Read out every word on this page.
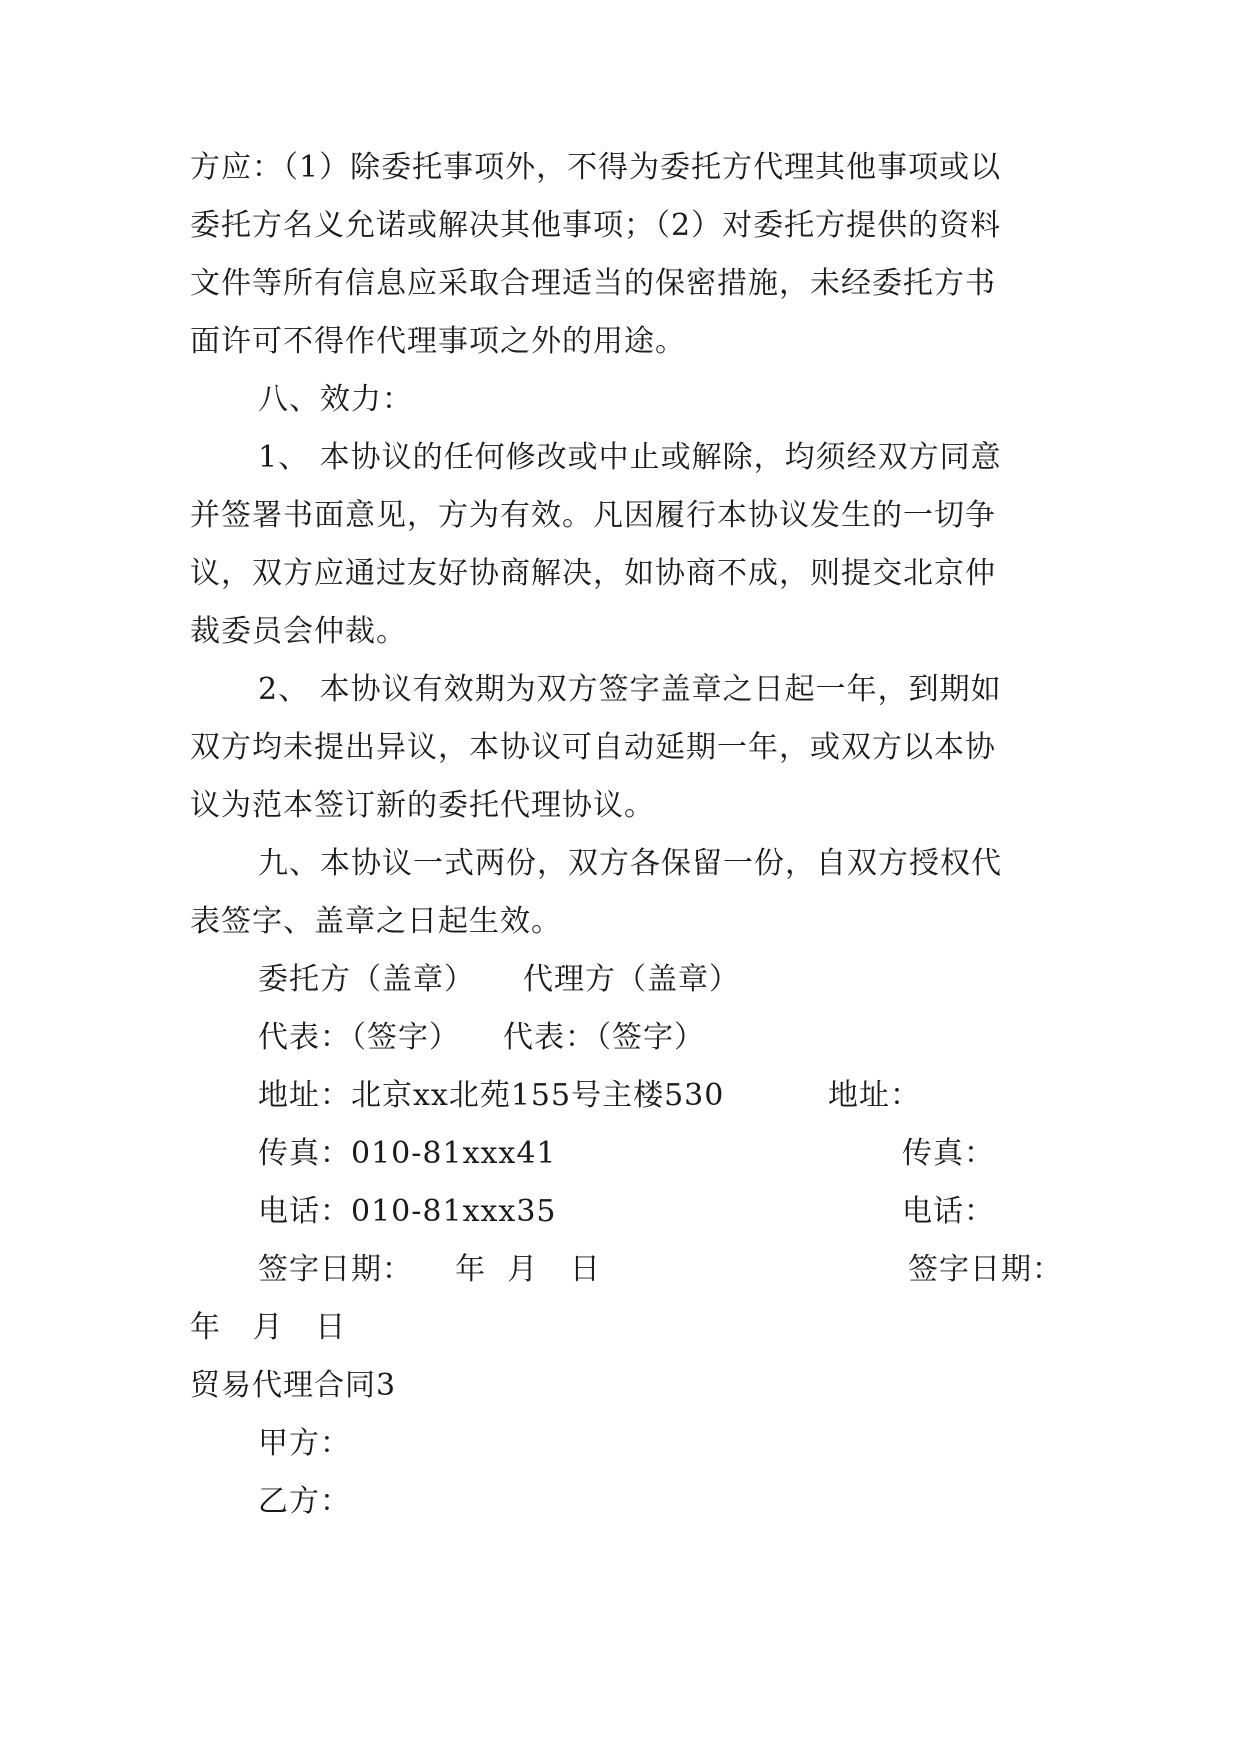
方应：（1）除委托事项外，不得为委托方代理其他事项或以
委托方名义允诺或解决其他事项；（2）对委托方提供的资料
文件等所有信息应采取合理适当的保密措施，未经委托方书
面许可不得作代理事项之外的用途。
八、效力：
1、 本协议的任何修改或中止或解除，均须经双方同意
并签署书面意见，方为有效。凡因履行本协议发生的一切争
议，双方应通过友好协商解决，如协商不成，则提交北京仲
裁委员会仲裁。
2、 本协议有效期为双方签字盖章之日起一年，到期如
双方均未提出异议，本协议可自动延期一年，或双方以本协
议为范本签订新的委托代理协议。
九、本协议一式两份，双方各保留一份，自双方授权代
表签字、盖章之日起生效。
委托方（盖章） 代理方（盖章）
代表：（签字） 代表：（签字）
地址：北京xx北苑155号主楼530	地址：
传真：010-81xxx41	传真：
电话：010-81xxx35	电话：
签字日期：    年  月   日	签字日期：
年   月   日
贸易代理合同3
甲方：
乙方：
